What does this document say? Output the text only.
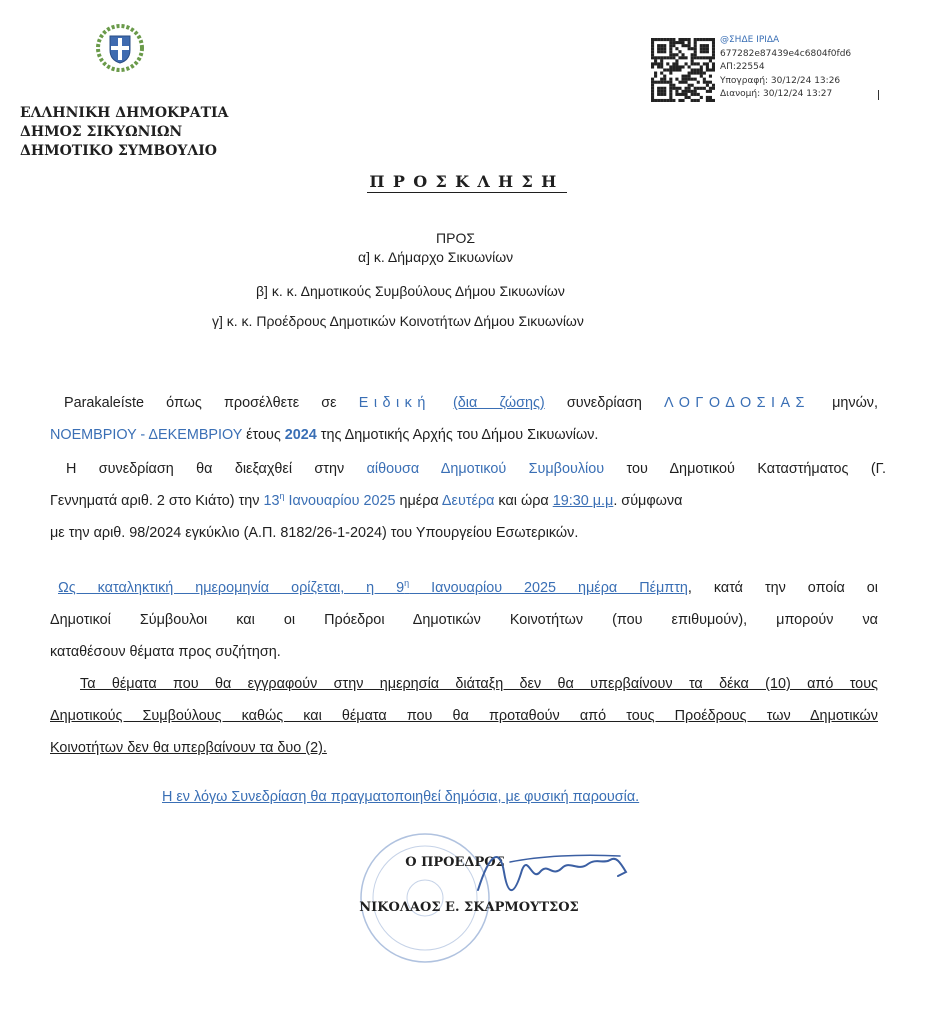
ΕΛΛΗΝΙΚΗ ΔΗΜΟΚΡΑΤΙΑ
ΔΗΜΟΣ ΣΙΚΥΩΝΙΩΝ
ΔΗΜΟΤΙΚΟ ΣΥΜΒΟΥΛΙΟ
@ΣΗΔΕ ΙΡΙΔΑ
677282e87439e4c6804f0fd6
ΑΠ:22554
Υπογραφή: 30/12/24 13:26
Διανομή: 30/12/24 13:27
ΠΡΟΣΚΛΗΣΗ
ΠΡΟΣ
α] κ. Δήμαρχο Σικυωνίων
β] κ. κ. Δημοτικούς Συμβούλους Δήμου Σικυωνίων
γ] κ. κ. Προέδρους Δημοτικών Κοινοτήτων Δήμου Σικυωνίων
Parakaleíste όπως προσέλθετε σε Ειδική (δια ζώσης) συνεδρίαση ΛΟΓΟΔΟΣΙΑΣ μηνών,
ΝΟΕΜΒΡΙΟΥ - ΔΕΚΕΜΒΡΙΟΥ έτους 2024 της Δημοτικής Αρχής του Δήμου Σικυωνίων.
Η συνεδρίαση θα διεξαχθεί στην αίθουσα Δημοτικού Συμβουλίου του Δημοτικού Καταστήματος (Γ.
Γεννηματά αριθ. 2 στο Κιάτο) την $13^\eta$ Ιανουαρίου 2025 ημέρα Δευτέρα και ώρα 19:30 μ.μ. σύμφωνα
με την αριθ. 98/2024 εγκύκλιο (Α.Π. 8182/26-1-2024) του Υπουργείου Εσωτερικών.
Ως καταληκτική ημερομηνία ορίζεται, η $9^\eta$ Ιανουαρίου 2025 ημέρα Πέμπτη, κατά την οποία οι
Δημοτικοί Σύμβουλοι και οι Πρόεδροι Δημοτικών Κοινοτήτων (που επιθυμούν), μπορούν να
καταθέσουν θέματα προς συζήτηση.
Τα θέματα που θα εγγραφούν στην ημερησία διάταξη δεν θα υπερβαίνουν τα δέκα (10) από τους
Δημοτικούς Συμβούλους καθώς και θέματα που θα προταθούν από τους Προέδρους των Δημοτικών
Κοινοτήτων δεν θα υπερβαίνουν τα δυο (2).
Η εν λόγω Συνεδρίαση θα πραγματοποιηθεί δημόσια, με φυσική παρουσία.
Ο ΠΡΟΕΔΡΟΣ
ΝΙΚΟΛΑΟΣ Ε. ΣΚΑΡΜΟΥΤΣΟΣ
